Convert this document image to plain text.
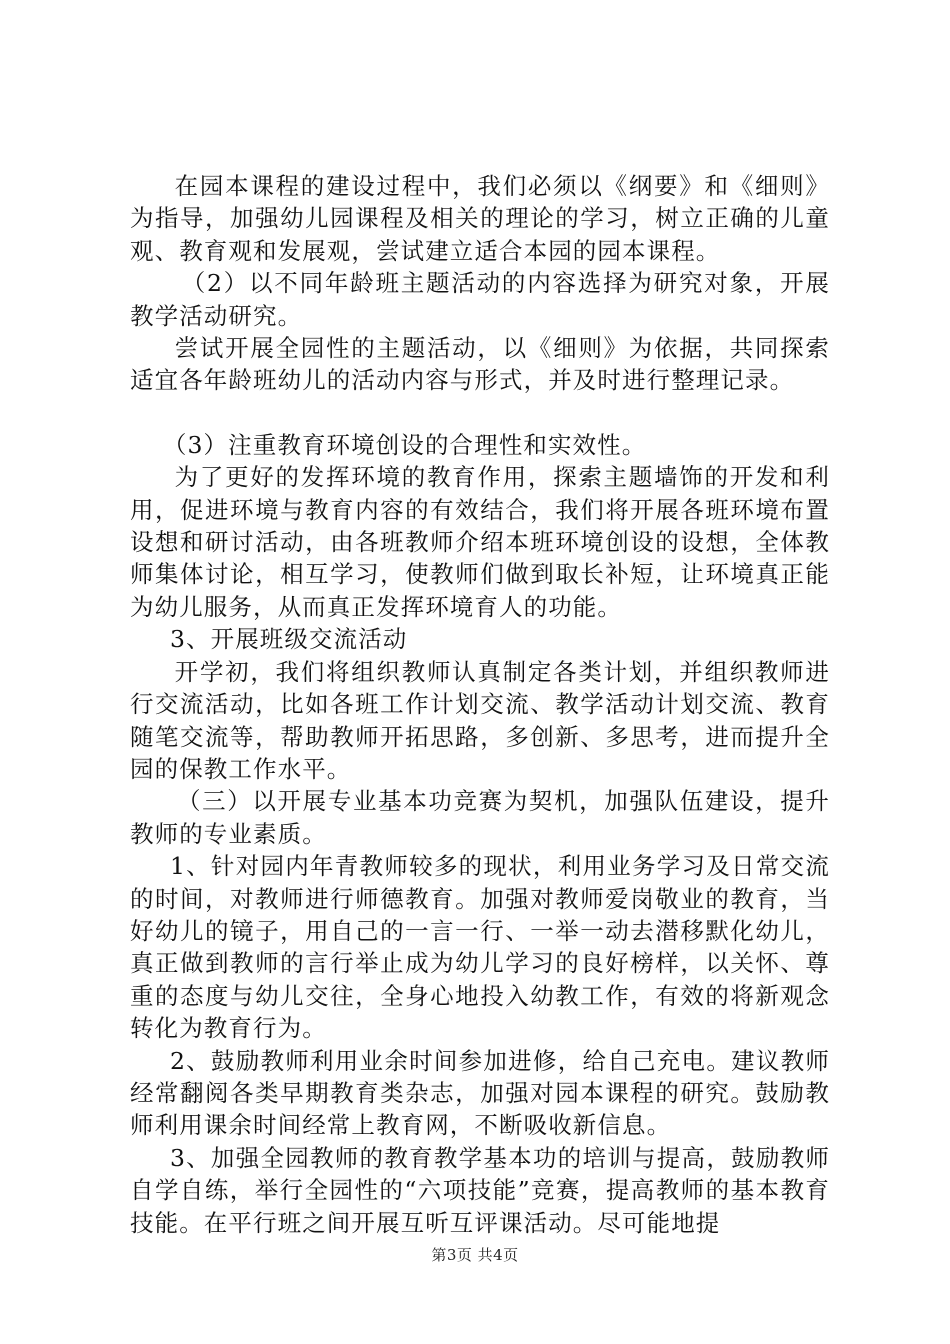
在园本课程的建设过程中，我们必须以《纲要》和《细则》为指导，加强幼儿园课程及相关的理论的学习，树立正确的儿童观、教育观和发展观，尝试建立适合本园的园本课程。

（2）以不同年龄班主题活动的内容选择为研究对象，开展教学活动研究。

尝试开展全园性的主题活动，以《细则》为依据，共同探索适宜各年龄班幼儿的活动内容与形式，并及时进行整理记录。

（3）注重教育环境创设的合理性和实效性。

为了更好的发挥环境的教育作用，探索主题墙饰的开发和利用，促进环境与教育内容的有效结合，我们将开展各班环境布置设想和研讨活动，由各班教师介绍本班环境创设的设想，全体教师集体讨论，相互学习，使教师们做到取长补短，让环境真正能为幼儿服务，从而真正发挥环境育人的功能。

3、开展班级交流活动

开学初，我们将组织教师认真制定各类计划，并组织教师进行交流活动，比如各班工作计划交流、教学活动计划交流、教育随笔交流等，帮助教师开拓思路，多创新、多思考，进而提升全园的保教工作水平。

（三）以开展专业基本功竞赛为契机，加强队伍建设，提升教师的专业素质。

1、针对园内年青教师较多的现状，利用业务学习及日常交流的时间，对教师进行师德教育。加强对教师爱岗敬业的教育，当好幼儿的镜子，用自己的一言一行、一举一动去潜移默化幼儿，真正做到教师的言行举止成为幼儿学习的良好榜样，以关怀、尊重的态度与幼儿交往，全身心地投入幼教工作，有效的将新观念转化为教育行为。

2、鼓励教师利用业余时间参加进修，给自己充电。建议教师经常翻阅各类早期教育类杂志，加强对园本课程的研究。鼓励教师利用课余时间经常上教育网，不断吸收新信息。

3、加强全园教师的教育教学基本功的培训与提高，鼓励教师自学自练，举行全园性的“六项技能”竞赛，提高教师的基本教育技能。在平行班之间开展互听互评课活动。尽可能地提

第3页 共4页
